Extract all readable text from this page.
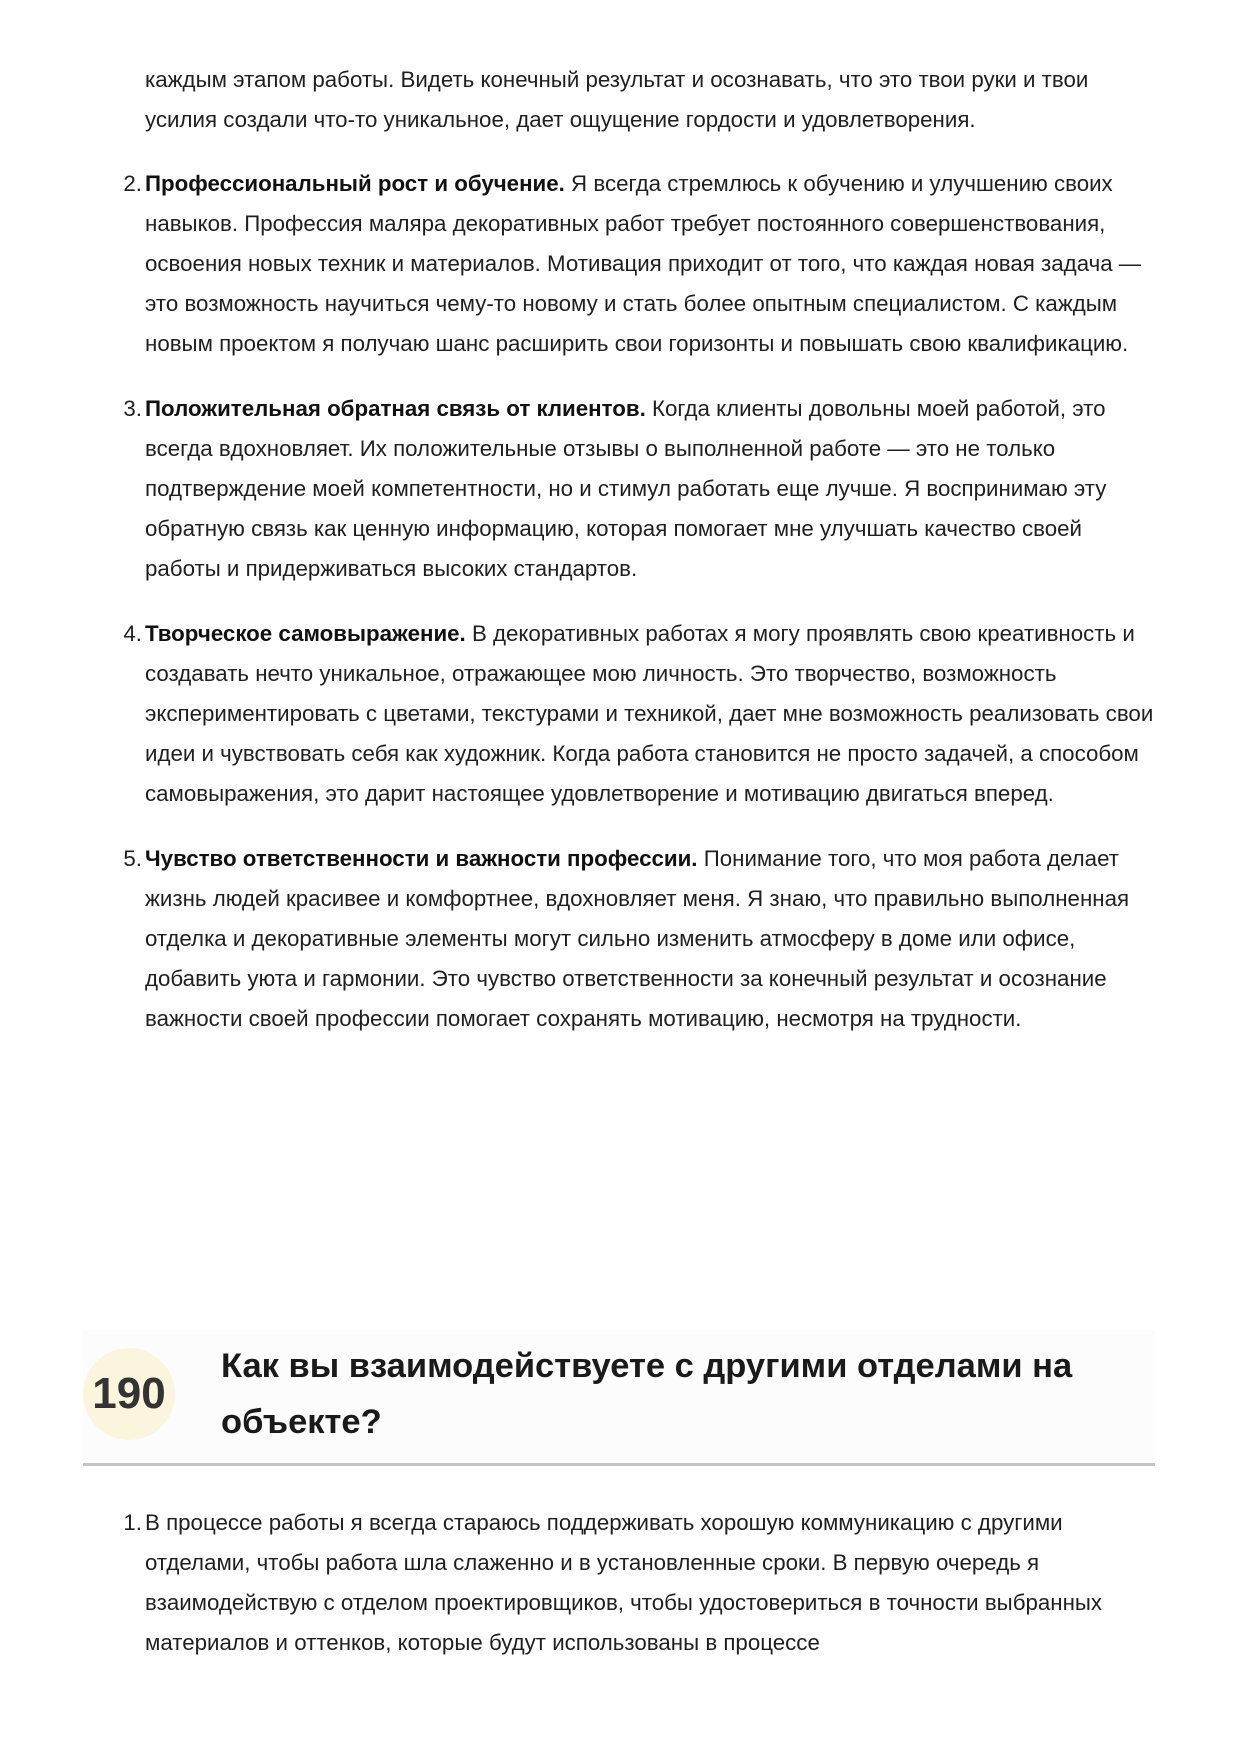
каждым этапом работы. Видеть конечный результат и осознавать, что это твои руки и твои усилия создали что-то уникальное, дает ощущение гордости и удовлетворения.

2. Профессиональный рост и обучение. Я всегда стремлюсь к обучению и улучшению своих навыков. Профессия маляра декоративных работ требует постоянного совершенствования, освоения новых техник и материалов. Мотивация приходит от того, что каждая новая задача — это возможность научиться чему-то новому и стать более опытным специалистом. С каждым новым проектом я получаю шанс расширить свои горизонты и повышать свою квалификацию.
3. Положительная обратная связь от клиентов. Когда клиенты довольны моей работой, это всегда вдохновляет. Их положительные отзывы о выполненной работе — это не только подтверждение моей компетентности, но и стимул работать еще лучше. Я воспринимаю эту обратную связь как ценную информацию, которая помогает мне улучшать качество своей работы и придерживаться высоких стандартов.
4. Творческое самовыражение. В декоративных работах я могу проявлять свою креативность и создавать нечто уникальное, отражающее мою личность. Это творчество, возможность экспериментировать с цветами, текстурами и техникой, дает мне возможность реализовать свои идеи и чувствовать себя как художник. Когда работа становится не просто задачей, а способом самовыражения, это дарит настоящее удовлетворение и мотивацию двигаться вперед.
5. Чувство ответственности и важности профессии. Понимание того, что моя работа делает жизнь людей красивее и комфортнее, вдохновляет меня. Я знаю, что правильно выполненная отделка и декоративные элементы могут сильно изменить атмосферу в доме или офисе, добавить уюта и гармонии. Это чувство ответственности за конечный результат и осознание важности своей профессии помогает сохранять мотивацию, несмотря на трудности.
190
Как вы взаимодействуете с другими отделами на объекте?
1. В процессе работы я всегда стараюсь поддерживать хорошую коммуникацию с другими отделами, чтобы работа шла слаженно и в установленные сроки. В первую очередь я взаимодействую с отделом проектировщиков, чтобы удостовериться в точности выбранных материалов и оттенков, которые будут использованы в процессе
